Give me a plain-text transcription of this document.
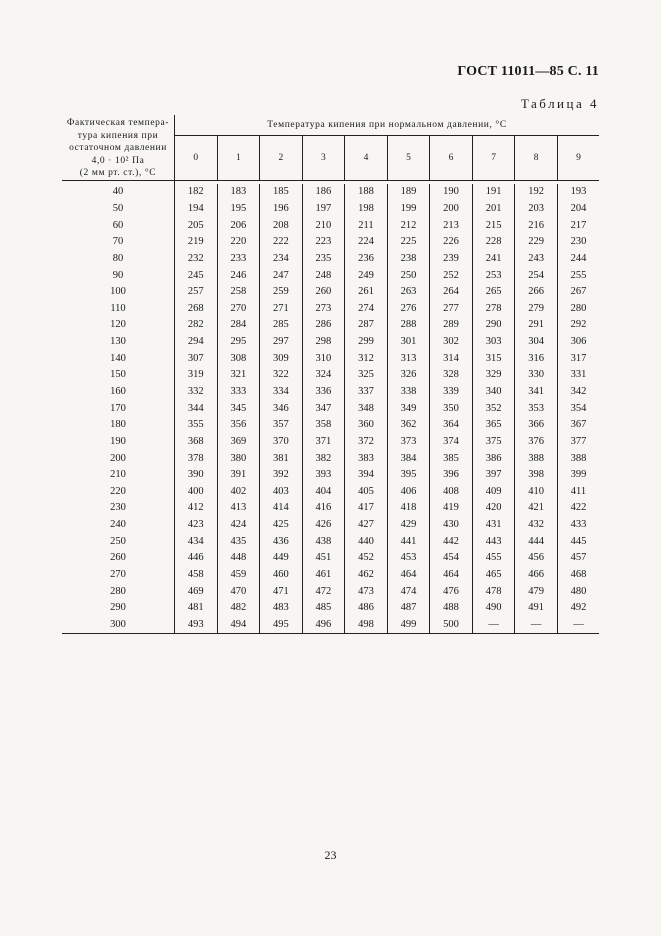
ГОСТ 11011—85 С. 11
Таблица 4
Фактическая темпера-
тура кипения при
остаточном давлении
4,0 · 10² Па
(2 мм рт. ст.), °С	Температура кипения при нормальном давлении, °С									
	0	1	2	3	4	5	6	7	8	9

40	182	183	185	186	188	189	190	191	192	193
50	194	195	196	197	198	199	200	201	203	204
60	205	206	208	210	211	212	213	215	216	217
70	219	220	222	223	224	225	226	228	229	230
80	232	233	234	235	236	238	239	241	243	244
90	245	246	247	248	249	250	252	253	254	255
100	257	258	259	260	261	263	264	265	266	267
110	268	270	271	273	274	276	277	278	279	280
120	282	284	285	286	287	288	289	290	291	292
130	294	295	297	298	299	301	302	303	304	306
140	307	308	309	310	312	313	314	315	316	317
150	319	321	322	324	325	326	328	329	330	331
160	332	333	334	336	337	338	339	340	341	342
170	344	345	346	347	348	349	350	352	353	354
180	355	356	357	358	360	362	364	365	366	367
190	368	369	370	371	372	373	374	375	376	377
200	378	380	381	382	383	384	385	386	388	388
210	390	391	392	393	394	395	396	397	398	399
220	400	402	403	404	405	406	408	409	410	411
230	412	413	414	416	417	418	419	420	421	422
240	423	424	425	426	427	429	430	431	432	433
250	434	435	436	438	440	441	442	443	444	445
260	446	448	449	451	452	453	454	455	456	457
270	458	459	460	461	462	464	464	465	466	468
280	469	470	471	472	473	474	476	478	479	480
290	481	482	483	485	486	487	488	490	491	492
300	493	494	495	496	498	499	500	—	—	—
23
